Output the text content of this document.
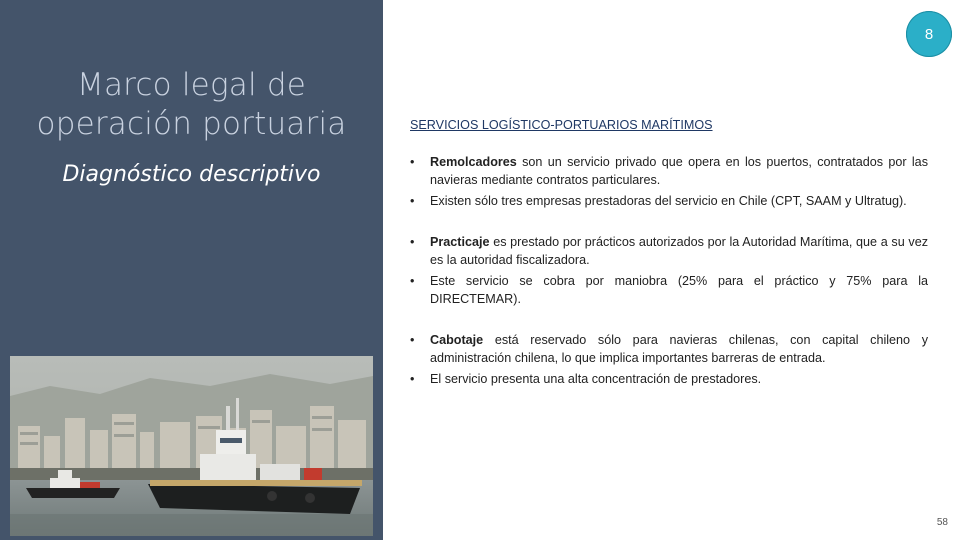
Marco legal de
operación portuaria
Diagnóstico descriptivo
8
SERVICIOS LOGÍSTICO-PORTUARIOS MARÍTIMOS

• Remolcadores son un servicio privado que opera en los puertos, contratados por las navieras mediante contratos particulares.

• Existen sólo tres empresas prestadoras del servicio en Chile (CPT, SAAM y Ultratug).

• Practicaje es prestado por prácticos autorizados por la Autoridad Marítima, que a su vez es la autoridad fiscalizadora.

• Este servicio se cobra por maniobra (25% para el práctico y 75% para la DIRECTEMAR).

• Cabotaje está reservado sólo para navieras chilenas, con capital chileno y administración chilena, lo que implica importantes barreras de entrada.

• El servicio presenta una alta concentración de prestadores.

58
